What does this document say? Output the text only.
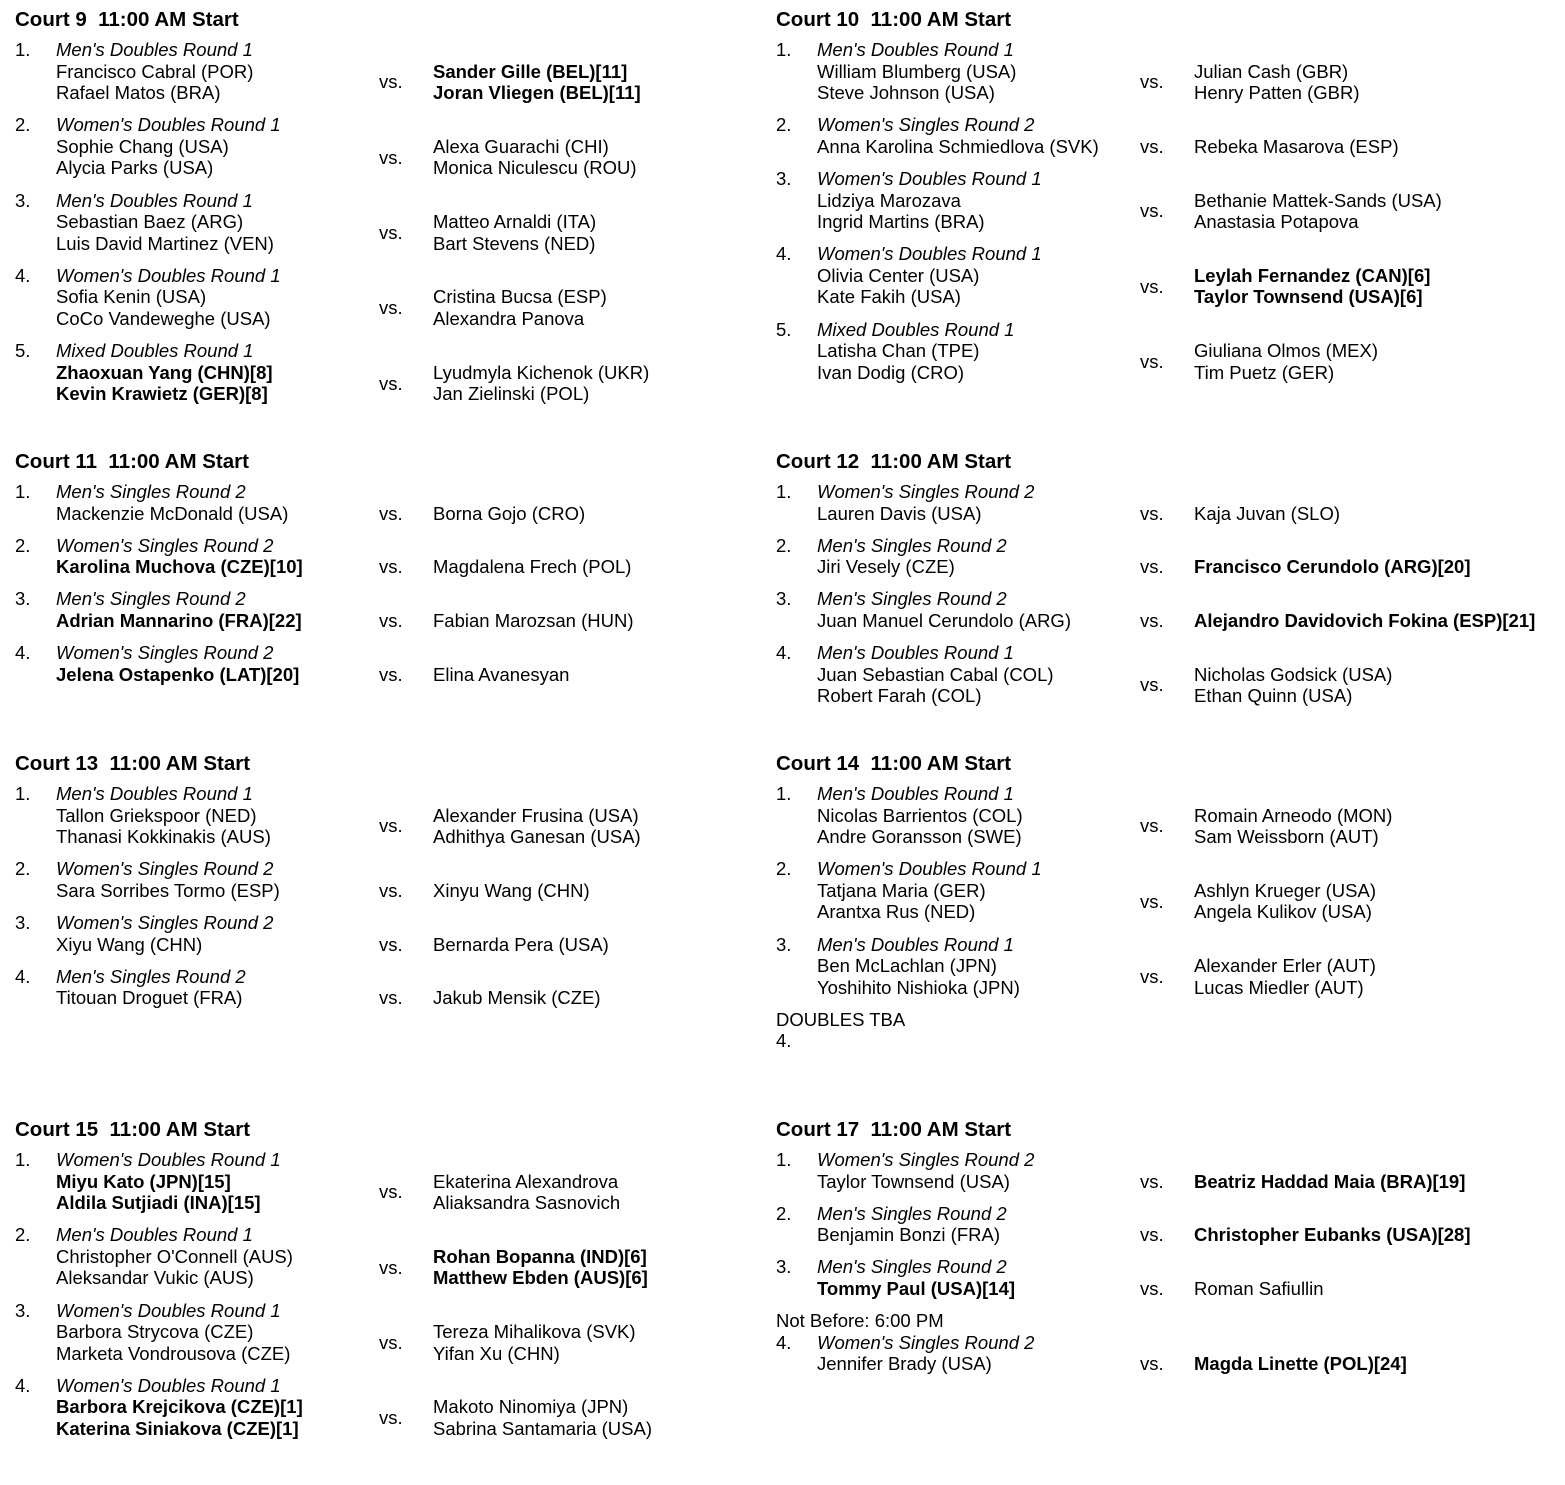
Court 9  11:00 AM Start
1. Men's Doubles Round 1
Francisco Cabral (POR)
Rafael Matos (BRA)
vs.
Sander Gille (BEL)[11]
Joran Vliegen (BEL)[11]
2. Women's Doubles Round 1
Sophie Chang (USA)
Alycia Parks (USA)
vs.
Alexa Guarachi (CHI)
Monica Niculescu (ROU)
3. Men's Doubles Round 1
Sebastian Baez (ARG)
Luis David Martinez (VEN)
vs.
Matteo Arnaldi (ITA)
Bart Stevens (NED)
4. Women's Doubles Round 1
Sofia Kenin (USA)
CoCo Vandeweghe (USA)
vs.
Cristina Bucsa (ESP)
Alexandra Panova
5. Mixed Doubles Round 1
Zhaoxuan Yang (CHN)[8]
Kevin Krawietz (GER)[8]
vs.
Lyudmyla Kichenok (UKR)
Jan Zielinski (POL)
Court 10  11:00 AM Start
1. Men's Doubles Round 1
William Blumberg (USA)
Steve Johnson (USA)
vs.
Julian Cash (GBR)
Henry Patten (GBR)
2. Women's Singles Round 2
Anna Karolina Schmiedlova (SVK)	vs. Rebeka Masarova (ESP)
3. Women's Doubles Round 1
Lidziya Marozava
Ingrid Martins (BRA)
vs.
Bethanie Mattek-Sands (USA)
Anastasia Potapova
4. Women's Doubles Round 1
Olivia Center (USA)
Kate Fakih (USA)
vs.
Leylah Fernandez (CAN)[6]
Taylor Townsend (USA)[6]
5. Mixed Doubles Round 1
Latisha Chan (TPE)
Ivan Dodig (CRO)
vs.
Giuliana Olmos (MEX)
Tim Puetz (GER)
Court 11  11:00 AM Start
1. Men's Singles Round 2
Mackenzie McDonald (USA)	vs. Borna Gojo (CRO)
2. Women's Singles Round 2
Karolina Muchova (CZE)[10]	vs. Magdalena Frech (POL)
3. Men's Singles Round 2
Adrian Mannarino (FRA)[22]	vs. Fabian Marozsan (HUN)
4. Women's Singles Round 2
Jelena Ostapenko (LAT)[20]	vs. Elina Avanesyan
Court 12  11:00 AM Start
1. Women's Singles Round 2
Lauren Davis (USA)	vs. Kaja Juvan (SLO)
2. Men's Singles Round 2
Jiri Vesely (CZE)	vs. Francisco Cerundolo (ARG)[20]
3. Men's Singles Round 2
Juan Manuel Cerundolo (ARG)	vs. Alejandro Davidovich Fokina (ESP)[21]
4. Men's Doubles Round 1
Juan Sebastian Cabal (COL)
Robert Farah (COL)
vs.
Nicholas Godsick (USA)
Ethan Quinn (USA)
Court 13  11:00 AM Start
1. Men's Doubles Round 1
Tallon Griekspoor (NED)
Thanasi Kokkinakis (AUS)
vs.
Alexander Frusina (USA)
Adhithya Ganesan (USA)
2. Women's Singles Round 2
Sara Sorribes Tormo (ESP)	vs. Xinyu Wang (CHN)
3. Women's Singles Round 2
Xiyu Wang (CHN)	vs. Bernarda Pera (USA)
4. Men's Singles Round 2
Titouan Droguet (FRA)	vs. Jakub Mensik (CZE)
Court 14  11:00 AM Start
1. Men's Doubles Round 1
Nicolas Barrientos (COL)
Andre Goransson (SWE)
vs.
Romain Arneodo (MON)
Sam Weissborn (AUT)
2. Women's Doubles Round 1
Tatjana Maria (GER)
Arantxa Rus (NED)
vs.
Ashlyn Krueger (USA)
Angela Kulikov (USA)
3. Men's Doubles Round 1
Ben McLachlan (JPN)
Yoshihito Nishioka (JPN)
vs.
Alexander Erler (AUT)
Lucas Miedler (AUT)
DOUBLES TBA
4.
Court 15  11:00 AM Start
1. Women's Doubles Round 1
Miyu Kato (JPN)[15]
Aldila Sutjiadi (INA)[15]
vs.
Ekaterina Alexandrova
Aliaksandra Sasnovich
2. Men's Doubles Round 1
Christopher O'Connell (AUS)
Aleksandar Vukic (AUS)
vs.
Rohan Bopanna (IND)[6]
Matthew Ebden (AUS)[6]
3. Women's Doubles Round 1
Barbora Strycova (CZE)
Marketa Vondrousova (CZE)
vs.
Tereza Mihalikova (SVK)
Yifan Xu (CHN)
4. Women's Doubles Round 1
Barbora Krejcikova (CZE)[1]
Katerina Siniakova (CZE)[1]
vs.
Makoto Ninomiya (JPN)
Sabrina Santamaria (USA)
Court 17  11:00 AM Start
1. Women's Singles Round 2
Taylor Townsend (USA)	vs. Beatriz Haddad Maia (BRA)[19]
2. Men's Singles Round 2
Benjamin Bonzi (FRA)	vs. Christopher Eubanks (USA)[28]
3. Men's Singles Round 2
Tommy Paul (USA)[14]	vs. Roman Safiullin
Not Before: 6:00 PM
4. Women's Singles Round 2
Jennifer Brady (USA)	vs. Magda Linette (POL)[24]
